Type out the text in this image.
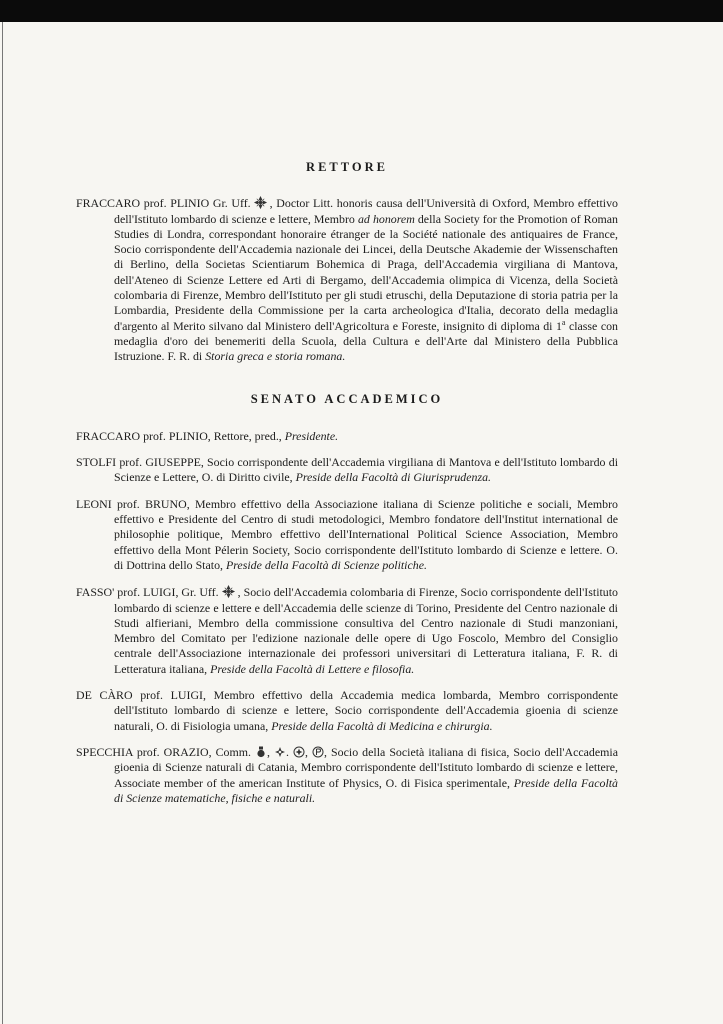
RETTORE

FRACCARO prof. PLINIO Gr. Uff. , Doctor Litt. honoris causa dell'Università di Oxford, Membro effettivo dell'Istituto lombardo di scienze e lettere, Membro ad honorem della Society for the Promotion of Roman Studies di Londra, correspondant honoraire étranger de la Société nationale des antiquaires de France, Socio corrispondente dell'Accademia nazionale dei Lincei, della Deutsche Akademie der Wissenschaften di Berlino, della Societas Scientiarum Bohemica di Praga, dell'Accademia virgiliana di Mantova, dell'Ateneo di Scienze Lettere ed Arti di Bergamo, dell'Accademia olimpica di Vicenza, della Società colombaria di Firenze, Membro dell'Istituto per gli studi etruschi, della Deputazione di storia patria per la Lombardia, Presidente della Commissione per la carta archeologica d'Italia, decorato della medaglia d'argento al Merito silvano dal Ministero dell'Agricoltura e Foreste, insignito di diploma di 1$^a$ classe con medaglia d'oro dei benemeriti della Scuola, della Cultura e dell'Arte dal Ministero della Pubblica Istruzione. F. R. di Storia greca e storia romana.

SENATO ACCADEMICO

FRACCARO prof. PLINIO, Rettore, pred., Presidente.

STOLFI prof. GIUSEPPE, Socio corrispondente dell'Accademia virgiliana di Mantova e dell'Istituto lombardo di Scienze e Lettere, O. di Diritto civile, Preside della Facoltà di Giurisprudenza.

LEONI prof. BRUNO, Membro effettivo della Associazione italiana di Scienze politiche e sociali, Membro effettivo e Presidente del Centro di studi metodologici, Membro fondatore dell'Institut international de philosophie politique, Membro effettivo dell'International Political Science Association, Membro effettivo della Mont Pélerin Society, Socio corrispondente dell'Istituto lombardo di Scienze e lettere. O. di Dottrina dello Stato, Preside della Facoltà di Scienze politiche.

FASSO' prof. LUIGI, Gr. Uff. , Socio dell'Accademia colombaria di Firenze, Socio corrispondente dell'Istituto lombardo di scienze e lettere e dell'Accademia delle scienze di Torino, Presidente del Centro nazionale di Studi alfieriani, Membro della commissione consultiva del Centro nazionale di Studi manzoniani, Membro del Comitato per l'edizione nazionale delle opere di Ugo Foscolo, Membro del Consiglio centrale dell'Associazione internazionale dei professori universitari di Letteratura italiana, F. R. di Letteratura italiana, Preside della Facoltà di Lettere e filosofia.

DE CÀRO prof. LUIGI, Membro effettivo della Accademia medica lombarda, Membro corrispondente dell'Istituto lombardo di scienze e lettere, Socio corrispondente dell'Accademia gioenia di scienze naturali, O. di Fisiologia umana, Preside della Facoltà di Medicina e chirurgia.

SPECCHIA prof. ORAZIO, Comm. , . , , Socio della Società italiana di fisica, Socio dell'Accademia gioenia di Scienze naturali di Catania, Membro corrispondente dell'Istituto lombardo di scienze e lettere, Associate member of the american Institute of Physics, O. di Fisica sperimentale, Preside della Facoltà di Scienze matematiche, fisiche e naturali.
